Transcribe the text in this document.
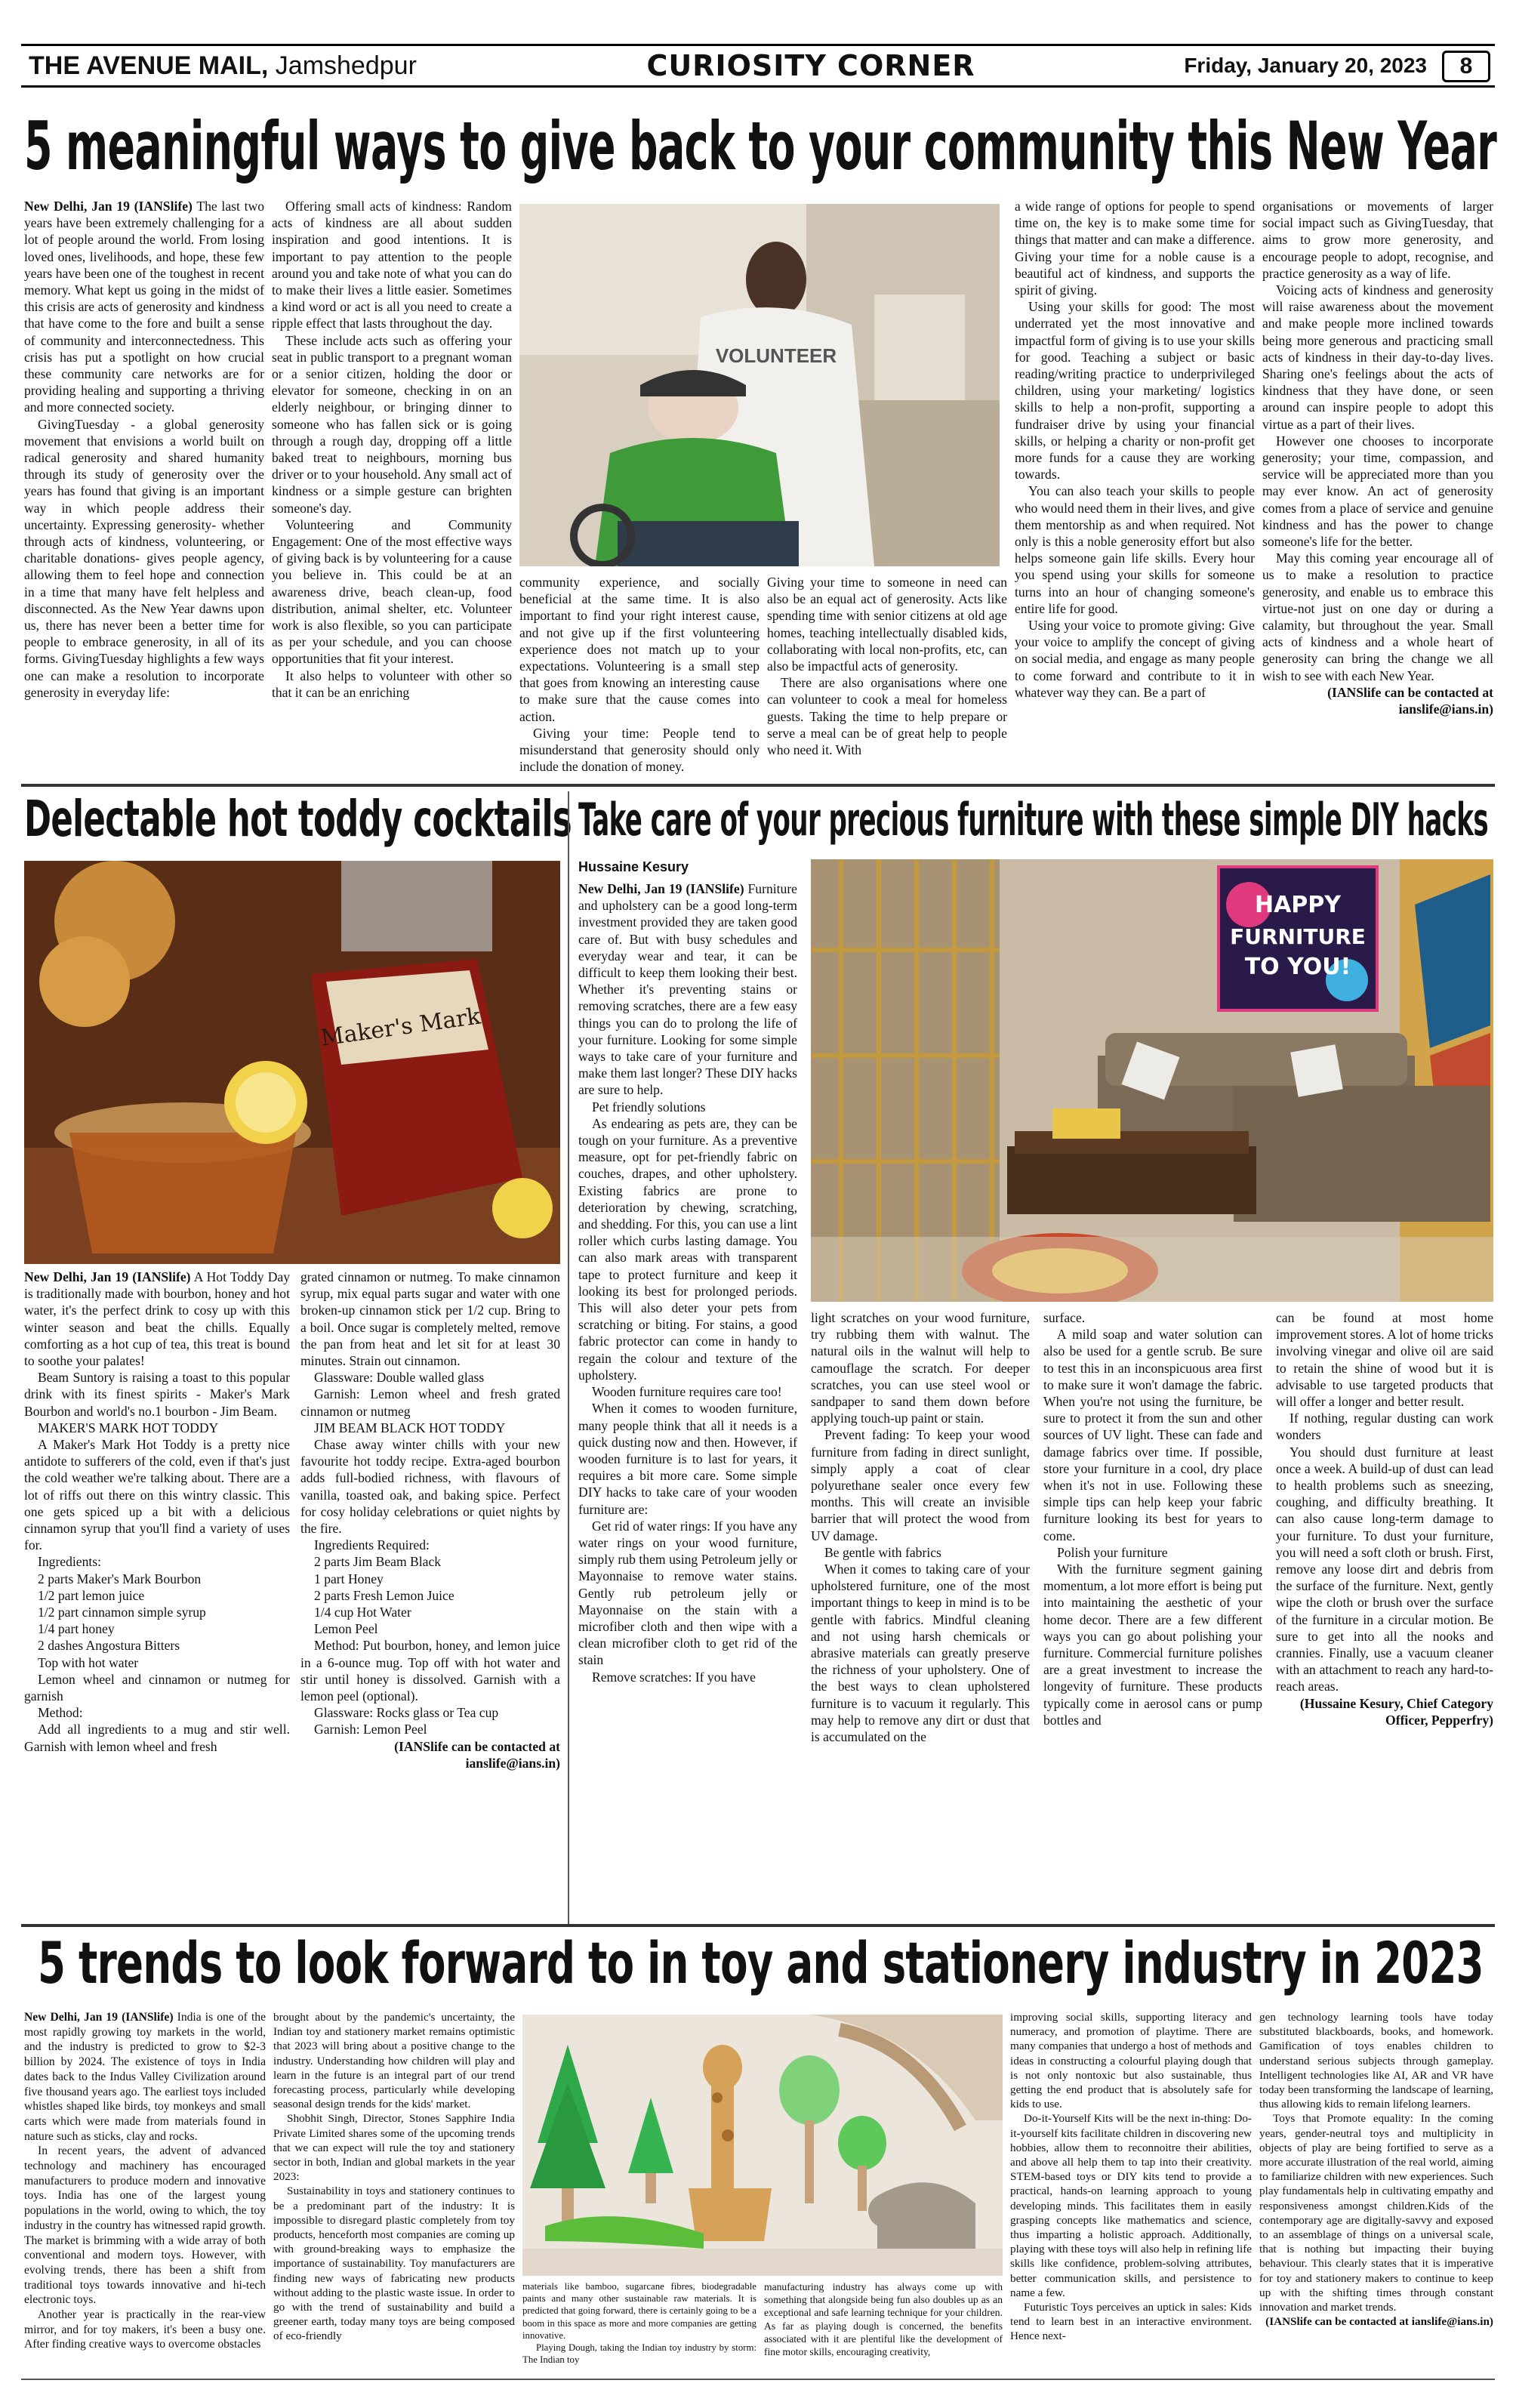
THE AVENUE MAIL, Jamshedpur	CURIOSITY CORNER	Friday, January 20, 2023	8
5 meaningful ways to give back to your community this New Year

New Delhi, Jan 19 (IANSlife) The last two years have been extremely challenging for a lot of people around the world. From losing loved ones, livelihoods, and hope, these few years have been one of the toughest in recent memory. What kept us going in the midst of this crisis are acts of generosity and kindness that have come to the fore and built a sense of community and interconnectedness. This crisis has put a spotlight on how crucial these community care networks are for providing healing and supporting a thriving and more connected society.

GivingTuesday - a global generosity movement that envisions a world built on radical generosity and shared humanity through its study of generosity over the years has found that giving is an important way in which people address their uncertainty. Expressing generosity- whether through acts of kindness, volunteering, or charitable donations- gives people agency, allowing them to feel hope and connection in a time that many have felt helpless and disconnected. As the New Year dawns upon us, there has never been a better time for people to embrace generosity, in all of its forms. GivingTuesday highlights a few ways one can make a resolution to incorporate generosity in everyday life:

Offering small acts of kindness: Random acts of kindness are all about sudden inspiration and good intentions. It is important to pay attention to the people around you and take note of what you can do to make their lives a little easier. Sometimes a kind word or act is all you need to create a ripple effect that lasts throughout the day.

These include acts such as offering your seat in public transport to a pregnant woman or a senior citizen, holding the door or elevator for someone, checking in on an elderly neighbour, or bringing dinner to someone who has fallen sick or is going through a rough day, dropping off a little baked treat to neighbours, morning bus driver or to your household. Any small act of kindness or a simple gesture can brighten someone's day.

Volunteering and Community Engagement: One of the most effective ways of giving back is by volunteering for a cause you believe in. This could be at an awareness drive, beach clean-up, food distribution, animal shelter, etc. Volunteer work is also flexible, so you can participate as per your schedule, and you can choose opportunities that fit your interest.

It also helps to volunteer with other so that it can be an enriching

VOLUNTEER

community experience, and socially beneficial at the same time. It is also important to find your right interest cause, and not give up if the first volunteering experience does not match up to your expectations. Volunteering is a small step that goes from knowing an interesting cause to make sure that the cause comes into action.

Giving your time: People tend to misunderstand that generosity should only include the donation of money.

Giving your time to someone in need can also be an equal act of generosity. Acts like spending time with senior citizens at old age homes, teaching intellectually disabled kids, collaborating with local non-profits, etc, can also be impactful acts of generosity.

There are also organisations where one can volunteer to cook a meal for homeless guests. Taking the time to help prepare or serve a meal can be of great help to people who need it. With

a wide range of options for people to spend time on, the key is to make some time for things that matter and can make a difference. Giving your time for a noble cause is a beautiful act of kindness, and supports the spirit of giving.

Using your skills for good: The most underrated yet the most innovative and impactful form of giving is to use your skills for good. Teaching a subject or basic reading/writing practice to underprivileged children, using your marketing/ logistics skills to help a non-profit, supporting a fundraiser drive by using your financial skills, or helping a charity or non-profit get more funds for a cause they are working towards.

You can also teach your skills to people who would need them in their lives, and give them mentorship as and when required. Not only is this a noble generosity effort but also helps someone gain life skills. Every hour you spend using your skills for someone turns into an hour of changing someone's entire life for good.

Using your voice to promote giving: Give your voice to amplify the concept of giving on social media, and engage as many people to come forward and contribute to it in whatever way they can. Be a part of

organisations or movements of larger social impact such as GivingTuesday, that aims to grow more generosity, and encourage people to adopt, recognise, and practice generosity as a way of life.

Voicing acts of kindness and generosity will raise awareness about the movement and make people more inclined towards being more generous and practicing small acts of kindness in their day-to-day lives. Sharing one's feelings about the acts of kindness that they have done, or seen around can inspire people to adopt this virtue as a part of their lives.

However one chooses to incorporate generosity; your time, compassion, and service will be appreciated more than you may ever know. An act of generosity comes from a place of service and genuine kindness and has the power to change someone's life for the better.

May this coming year encourage all of us to make a resolution to practice generosity, and enable us to embrace this virtue-not just on one day or during a calamity, but throughout the year. Small acts of kindness and a whole heart of generosity can bring the change we all wish to see with each New Year.

(IANSlife can be contacted at ianslife@ians.in)

Delectable hot toddy cocktails
Maker's Mark

New Delhi, Jan 19 (IANSlife) A Hot Toddy Day is traditionally made with bourbon, honey and hot water, it's the perfect drink to cosy up with this winter season and beat the chills. Equally comforting as a hot cup of tea, this treat is bound to soothe your palates!

Beam Suntory is raising a toast to this popular drink with its finest spirits - Maker's Mark Bourbon and world's no.1 bourbon - Jim Beam.

MAKER'S MARK HOT TODDY

A Maker's Mark Hot Toddy is a pretty nice antidote to sufferers of the cold, even if that's just the cold weather we're talking about. There are a lot of riffs out there on this wintry classic. This one gets spiced up a bit with a delicious cinnamon syrup that you'll find a variety of uses for.

Ingredients:

2 parts Maker's Mark Bourbon

1/2 part lemon juice

1/2 part cinnamon simple syrup

1/4 part honey

2 dashes Angostura Bitters

Top with hot water

Lemon wheel and cinnamon or nutmeg for garnish

Method:

Add all ingredients to a mug and stir well. Garnish with lemon wheel and fresh

grated cinnamon or nutmeg. To make cinnamon syrup, mix equal parts sugar and water with one broken-up cinnamon stick per 1/2 cup. Bring to a boil. Once sugar is completely melted, remove the pan from heat and let sit for at least 30 minutes. Strain out cinnamon.

Glassware: Double walled glass

Garnish: Lemon wheel and fresh grated cinnamon or nutmeg

JIM BEAM BLACK HOT TODDY

Chase away winter chills with your new favourite hot toddy recipe. Extra-aged bourbon adds full-bodied richness, with flavours of vanilla, toasted oak, and baking spice. Perfect for cosy holiday celebrations or quiet nights by the fire.

Ingredients Required:

2 parts Jim Beam Black

1 part Honey

2 parts Fresh Lemon Juice

1/4 cup Hot Water

Lemon Peel

Method: Put bourbon, honey, and lemon juice in a 6-ounce mug. Top off with hot water and stir until honey is dissolved. Garnish with a lemon peel (optional).

Glassware: Rocks glass or Tea cup

Garnish: Lemon Peel

(IANSlife can be contacted at ianslife@ians.in)

Take care of your precious furniture with these simple DIY hacks
Hussaine Kesury

New Delhi, Jan 19 (IANSlife) Furniture and upholstery can be a good long-term investment provided they are taken good care of. But with busy schedules and everyday wear and tear, it can be difficult to keep them looking their best. Whether it's preventing stains or removing scratches, there are a few easy things you can do to prolong the life of your furniture. Looking for some simple ways to take care of your furniture and make them last longer? These DIY hacks are sure to help.

Pet friendly solutions

As endearing as pets are, they can be tough on your furniture. As a preventive measure, opt for pet-friendly fabric on couches, drapes, and other upholstery. Existing fabrics are prone to deterioration by chewing, scratching, and shedding. For this, you can use a lint roller which curbs lasting damage. You can also mark areas with transparent tape to protect furniture and keep it looking its best for prolonged periods. This will also deter your pets from scratching or biting. For stains, a good fabric protector can come in handy to regain the colour and texture of the upholstery.

Wooden furniture requires care too!

When it comes to wooden furniture, many people think that all it needs is a quick dusting now and then. However, if wooden furniture is to last for years, it requires a bit more care. Some simple DIY hacks to take care of your wooden furniture are:

Get rid of water rings: If you have any water rings on your wood furniture, simply rub them using Petroleum jelly or Mayonnaise to remove water stains. Gently rub petroleum jelly or Mayonnaise on the stain with a microfiber cloth and then wipe with a clean microfiber cloth to get rid of the stain

Remove scratches: If you have

HAPPY
FURNITURE
TO YOU!

light scratches on your wood furniture, try rubbing them with walnut. The natural oils in the walnut will help to camouflage the scratch. For deeper scratches, you can use steel wool or sandpaper to sand them down before applying touch-up paint or stain.

Prevent fading: To keep your wood furniture from fading in direct sunlight, simply apply a coat of clear polyurethane sealer once every few months. This will create an invisible barrier that will protect the wood from UV damage.

Be gentle with fabrics

When it comes to taking care of your upholstered furniture, one of the most important things to keep in mind is to be gentle with fabrics. Mindful cleaning and not using harsh chemicals or abrasive materials can greatly preserve the richness of your upholstery. One of the best ways to clean upholstered furniture is to vacuum it regularly. This may help to remove any dirt or dust that is accumulated on the

surface.

A mild soap and water solution can also be used for a gentle scrub. Be sure to test this in an inconspicuous area first to make sure it won't damage the fabric. When you're not using the furniture, be sure to protect it from the sun and other sources of UV light. These can fade and damage fabrics over time. If possible, store your furniture in a cool, dry place when it's not in use. Following these simple tips can help keep your fabric furniture looking its best for years to come.

Polish your furniture

With the furniture segment gaining momentum, a lot more effort is being put into maintaining the aesthetic of your home decor. There are a few different ways you can go about polishing your furniture. Commercial furniture polishes are a great investment to increase the longevity of furniture. These products typically come in aerosol cans or pump bottles and

can be found at most home improvement stores. A lot of home tricks involving vinegar and olive oil are said to retain the shine of wood but it is advisable to use targeted products that will offer a longer and better result.

If nothing, regular dusting can work wonders

You should dust furniture at least once a week. A build-up of dust can lead to health problems such as sneezing, coughing, and difficulty breathing. It can also cause long-term damage to your furniture. To dust your furniture, you will need a soft cloth or brush. First, remove any loose dirt and debris from the surface of the furniture. Next, gently wipe the cloth or brush over the surface of the furniture in a circular motion. Be sure to get into all the nooks and crannies. Finally, use a vacuum cleaner with an attachment to reach any hard-to-reach areas.

(Hussaine Kesury, Chief Category Officer, Pepperfry)

5 trends to look forward to in toy and stationery industry in 2023

New Delhi, Jan 19 (IANSlife) India is one of the most rapidly growing toy markets in the world, and the industry is predicted to grow to $2-3 billion by 2024. The existence of toys in India dates back to the Indus Valley Civilization around five thousand years ago. The earliest toys included whistles shaped like birds, toy monkeys and small carts which were made from materials found in nature such as sticks, clay and rocks.

In recent years, the advent of advanced technology and machinery has encouraged manufacturers to produce modern and innovative toys. India has one of the largest young populations in the world, owing to which, the toy industry in the country has witnessed rapid growth. The market is brimming with a wide array of both conventional and modern toys. However, with evolving trends, there has been a shift from traditional toys towards innovative and hi-tech electronic toys.

Another year is practically in the rear-view mirror, and for toy makers, it's been a busy one. After finding creative ways to overcome obstacles

brought about by the pandemic's uncertainty, the Indian toy and stationery market remains optimistic that 2023 will bring about a positive change to the industry. Understanding how children will play and learn in the future is an integral part of our trend forecasting process, particularly while developing seasonal design trends for the kids' market.

Shobhit Singh, Director, Stones Sapphire India Private Limited shares some of the upcoming trends that we can expect will rule the toy and stationery sector in both, Indian and global markets in the year 2023:

Sustainability in toys and stationery continues to be a predominant part of the industry: It is impossible to disregard plastic completely from toy products, henceforth most companies are coming up with ground-breaking ways to emphasize the importance of sustainability. Toy manufacturers are finding new ways of fabricating new products without adding to the plastic waste issue. In order to go with the trend of sustainability and build a greener earth, today many toys are being composed of eco-friendly

materials like bamboo, sugarcane fibres, biodegradable paints and many other sustainable raw materials. It is predicted that going forward, there is certainly going to be a boom in this space as more and more companies are getting innovative.

Playing Dough, taking the Indian toy industry by storm: The Indian toy

manufacturing industry has always come up with something that alongside being fun also doubles up as an exceptional and safe learning technique for your children. As far as playing dough is concerned, the benefits associated with it are plentiful like the development of fine motor skills, encouraging creativity,

improving social skills, supporting literacy and numeracy, and promotion of playtime. There are many companies that undergo a host of methods and ideas in constructing a colourful playing dough that is not only nontoxic but also sustainable, thus getting the end product that is absolutely safe for kids to use.

Do-it-Yourself Kits will be the next in-thing: Do-it-yourself kits facilitate children in discovering new hobbies, allow them to reconnoitre their abilities, and above all help them to tap into their creativity. STEM-based toys or DIY kits tend to provide a practical, hands-on learning approach to young developing minds. This facilitates them in easily grasping concepts like mathematics and science, thus imparting a holistic approach. Additionally, playing with these toys will also help in refining life skills like confidence, problem-solving attributes, better communication skills, and persistence to name a few.

Futuristic Toys perceives an uptick in sales: Kids tend to learn best in an interactive environment. Hence next-

gen technology learning tools have today substituted blackboards, books, and homework. Gamification of toys enables children to understand serious subjects through gameplay. Intelligent technologies like AI, AR and VR have today been transforming the landscape of learning, thus allowing kids to remain lifelong learners.

Toys that Promote equality: In the coming years, gender-neutral toys and multiplicity in objects of play are being fortified to serve as a more accurate illustration of the real world, aiming to familiarize children with new experiences. Such play fundamentals help in cultivating empathy and responsiveness amongst children.Kids of the contemporary age are digitally-savvy and exposed to an assemblage of things on a universal scale, that is nothing but impacting their buying behaviour. This clearly states that it is imperative for toy and stationery makers to continue to keep up with the shifting times through constant innovation and market trends.

(IANSlife can be contacted at ianslife@ians.in)
